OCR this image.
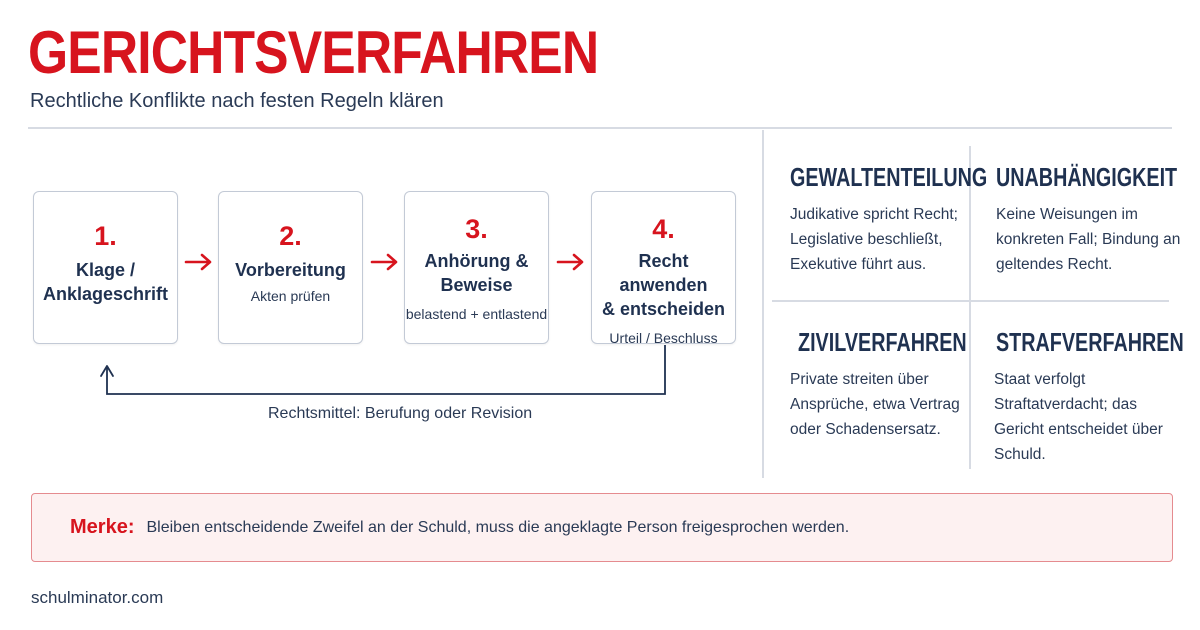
GERICHTSVERFAHREN
Rechtliche Konflikte nach festen Regeln klären
1.
Klage /
Anklageschrift
2.
Vorbereitung
Akten prüfen
3.
Anhörung &
Beweise
belastend + entlastend
4.
Recht anwenden
& entscheiden
Urteil / Beschluss
Rechtsmittel: Berufung oder Revision
GEWALTENTEILUNG
Judikative spricht Recht; Legislative beschließt, Exekutive führt aus.
UNABHÄNGIGKEIT
Keine Weisungen im konkreten Fall; Bindung an geltendes Recht.
ZIVILVERFAHREN
Private streiten über Ansprüche, etwa Vertrag oder Schadensersatz.
STRAFVERFAHREN
Staat verfolgt Straftatverdacht; das Gericht entscheidet über Schuld.
Merke: Bleiben entscheidende Zweifel an der Schuld, muss die angeklagte Person freigesprochen werden.
schulminator.com
